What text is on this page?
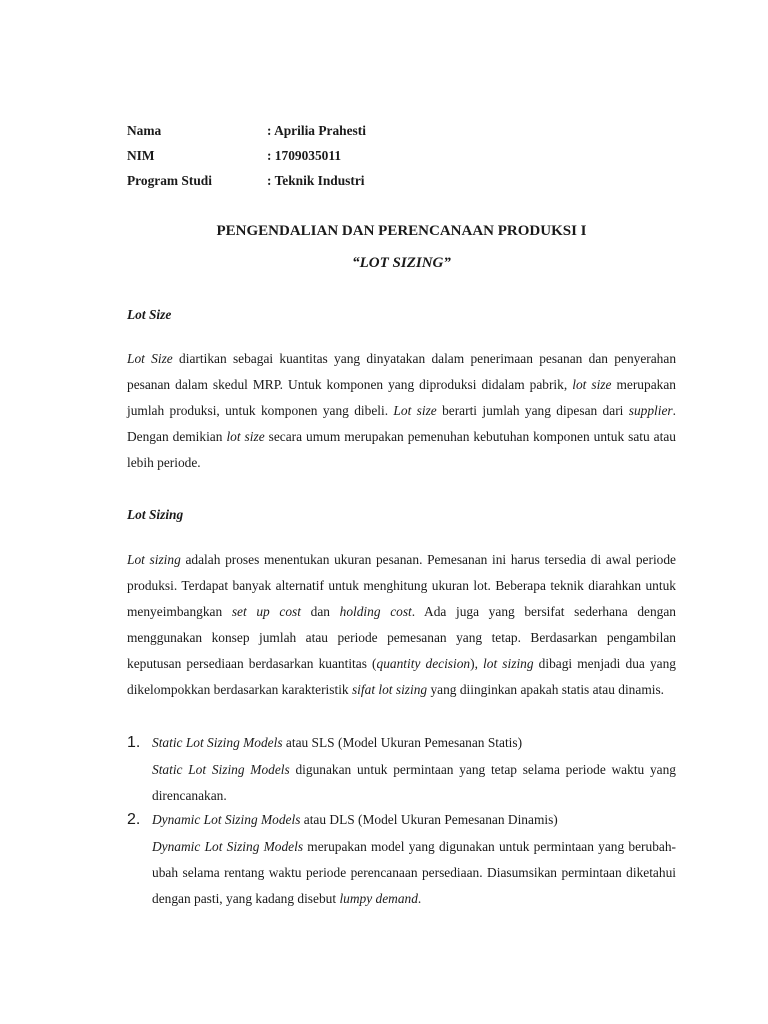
Nama	: Aprilia Prahesti
NIM	: 1709035011
Program Studi	: Teknik Industri
PENGENDALIAN DAN PERENCANAAN PRODUKSI I
“LOT SIZING”
Lot Size

Lot Size diartikan sebagai kuantitas yang dinyatakan dalam penerimaan pesanan dan penyerahan pesanan dalam skedul MRP. Untuk komponen yang diproduksi didalam pabrik, lot size merupakan jumlah produksi, untuk komponen yang dibeli. Lot size berarti jumlah yang dipesan dari supplier. Dengan demikian lot size secara umum merupakan pemenuhan kebutuhan komponen untuk satu atau lebih periode.

Lot Sizing

Lot sizing adalah proses menentukan ukuran pesanan. Pemesanan ini harus tersedia di awal periode produksi. Terdapat banyak alternatif untuk menghitung ukuran lot. Beberapa teknik diarahkan untuk menyeimbangkan set up cost dan holding cost. Ada juga yang bersifat sederhana dengan menggunakan konsep jumlah atau periode pemesanan yang tetap. Berdasarkan pengambilan keputusan persediaan berdasarkan kuantitas (quantity decision), lot sizing dibagi menjadi dua yang dikelompokkan berdasarkan karakteristik sifat lot sizing yang diinginkan apakah statis atau dinamis.

1. Static Lot Sizing Models atau SLS (Model Ukuran Pemesanan Statis)
Static Lot Sizing Models digunakan untuk permintaan yang tetap selama periode waktu yang direncanakan.
2. Dynamic Lot Sizing Models atau DLS (Model Ukuran Pemesanan Dinamis)
Dynamic Lot Sizing Models merupakan model yang digunakan untuk permintaan yang berubah-ubah selama rentang waktu periode perencanaan persediaan. Diasumsikan permintaan diketahui dengan pasti, yang kadang disebut lumpy demand.
